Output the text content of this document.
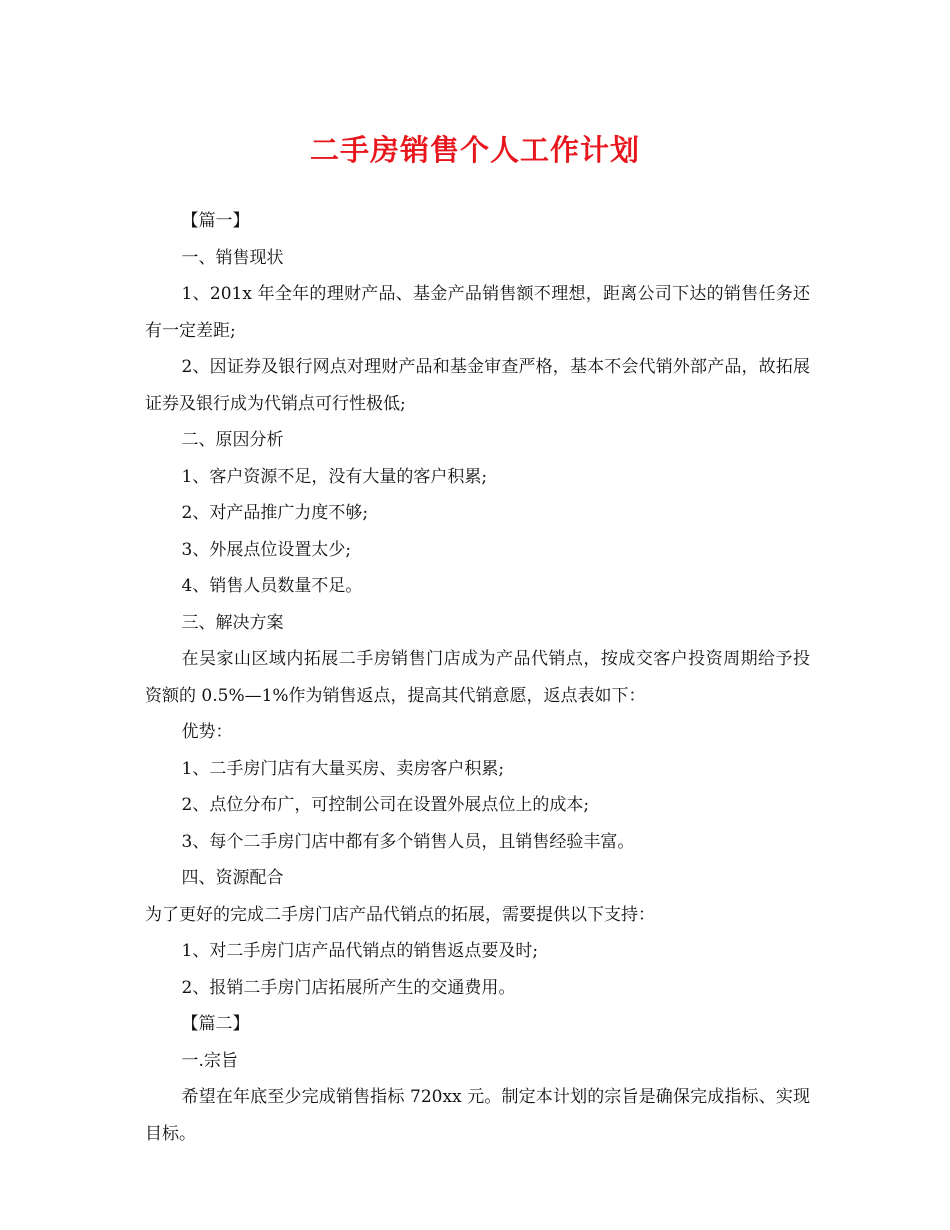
二手房销售个人工作计划

【篇一】

一、销售现状

1、201x 年全年的理财产品、基金产品销售额不理想，距离公司下达的销售任务还有一定差距;

2、因证券及银行网点对理财产品和基金审查严格，基本不会代销外部产品，故拓展证券及银行成为代销点可行性极低;

二、原因分析

1、客户资源不足，没有大量的客户积累;

2、对产品推广力度不够;

3、外展点位设置太少;

4、销售人员数量不足。

三、解决方案

在吴家山区域内拓展二手房销售门店成为产品代销点，按成交客户投资周期给予投资额的 0.5%—1%作为销售返点，提高其代销意愿，返点表如下：

优势：

1、二手房门店有大量买房、卖房客户积累;

2、点位分布广，可控制公司在设置外展点位上的成本;

3、每个二手房门店中都有多个销售人员，且销售经验丰富。

四、资源配合

为了更好的完成二手房门店产品代销点的拓展，需要提供以下支持：

1、对二手房门店产品代销点的销售返点要及时;

2、报销二手房门店拓展所产生的交通费用。

【篇二】

一.宗旨

希望在年底至少完成销售指标 720xx 元。制定本计划的宗旨是确保完成指标、实现目标。
